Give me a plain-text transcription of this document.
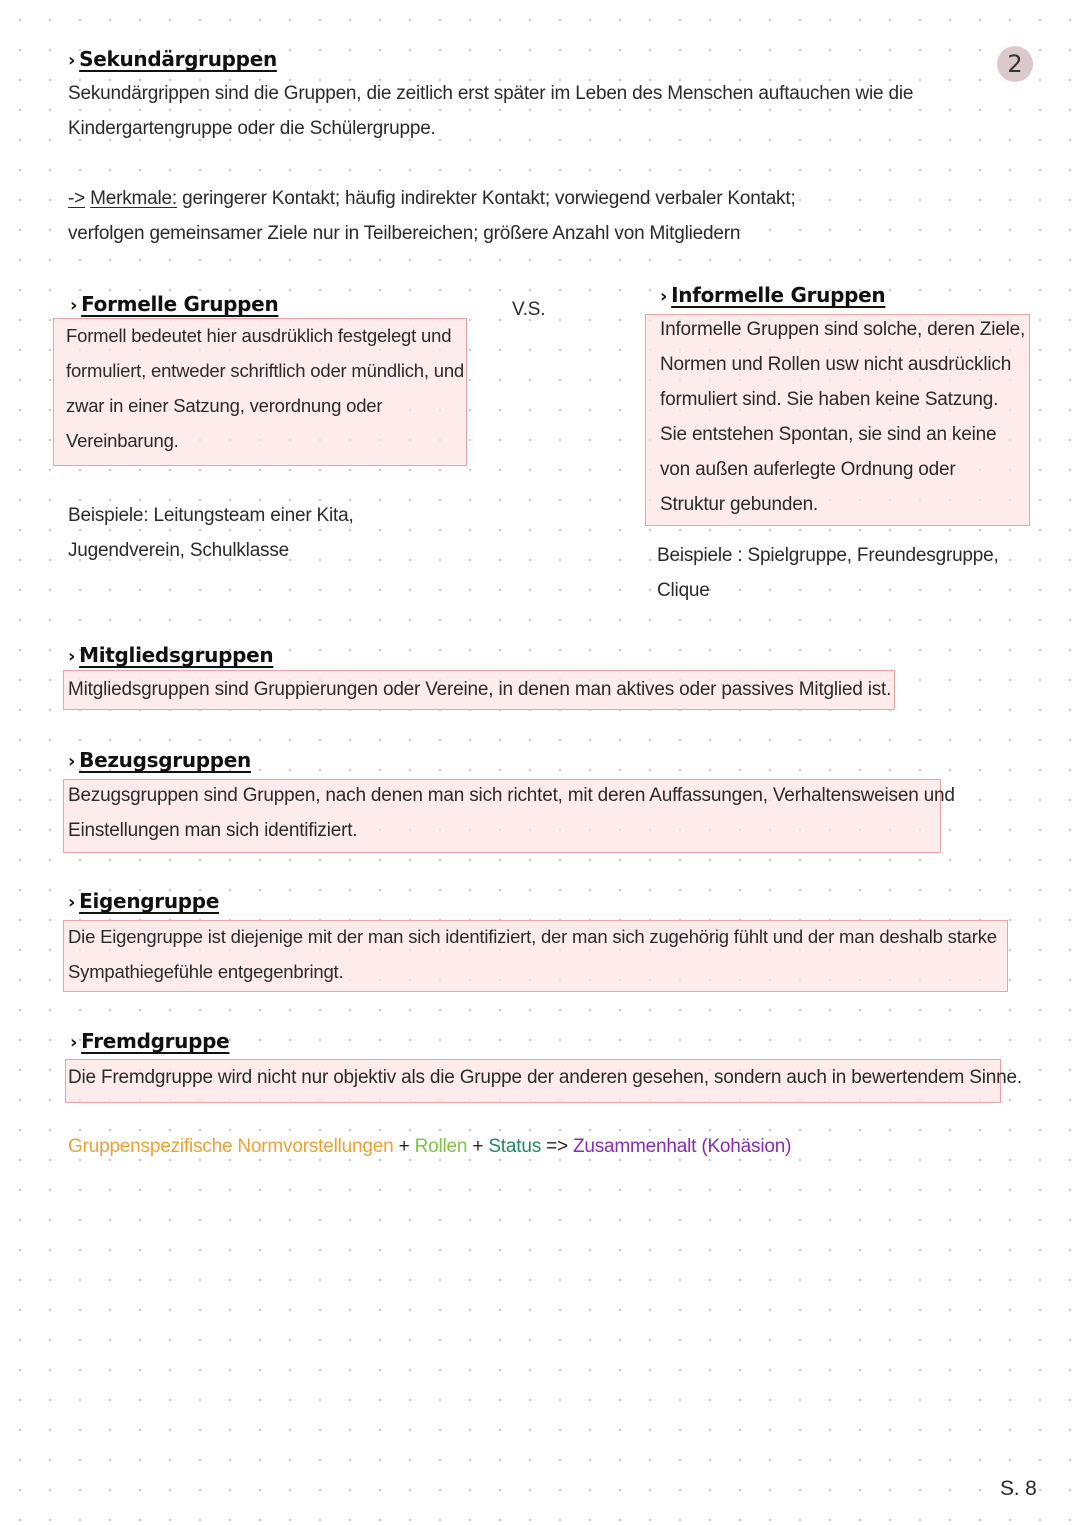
2
› Sekundärgruppen
Sekundärgrippen sind die Gruppen, die zeitlich erst später im Leben des Menschen auftauchen wie die
Kindergartengruppe oder die Schülergruppe.
-> Merkmale: geringerer Kontakt; häufig indirekter Kontakt; vorwiegend verbaler Kontakt;
verfolgen gemeinsamer Ziele nur in Teilbereichen; größere Anzahl von Mitgliedern
› Formelle Gruppen
Formell bedeutet hier ausdrüklich festgelegt und
formuliert, entweder schriftlich oder mündlich, und
zwar in einer Satzung, verordnung oder
Vereinbarung.
Beispiele: Leitungsteam einer Kita,
Jugendverein, Schulklasse
V.S.
› Informelle Gruppen
Informelle Gruppen sind solche, deren Ziele,
Normen und Rollen usw nicht ausdrücklich
formuliert sind. Sie haben keine Satzung.
Sie entstehen Spontan, sie sind an keine
von außen auferlegte Ordnung oder
Struktur gebunden.
Beispiele : Spielgruppe, Freundesgruppe,
Clique
› Mitgliedsgruppen
Mitgliedsgruppen sind Gruppierungen oder Vereine, in denen man aktives oder passives Mitglied ist.
› Bezugsgruppen
Bezugsgruppen sind Gruppen, nach denen man sich richtet, mit deren Auffassungen, Verhaltensweisen und
Einstellungen man sich identifiziert.
› Eigengruppe
Die Eigengruppe ist diejenige mit der man sich identifiziert, der man sich zugehörig fühlt und der man deshalb starke
Sympathiegefühle entgegenbringt.
› Fremdgruppe
Die Fremdgruppe wird nicht nur objektiv als die Gruppe der anderen gesehen, sondern auch in bewertendem Sinne.
Gruppenspezifische Normvorstellungen + Rollen + Status => Zusammenhalt (Kohäsion)
S. 8
